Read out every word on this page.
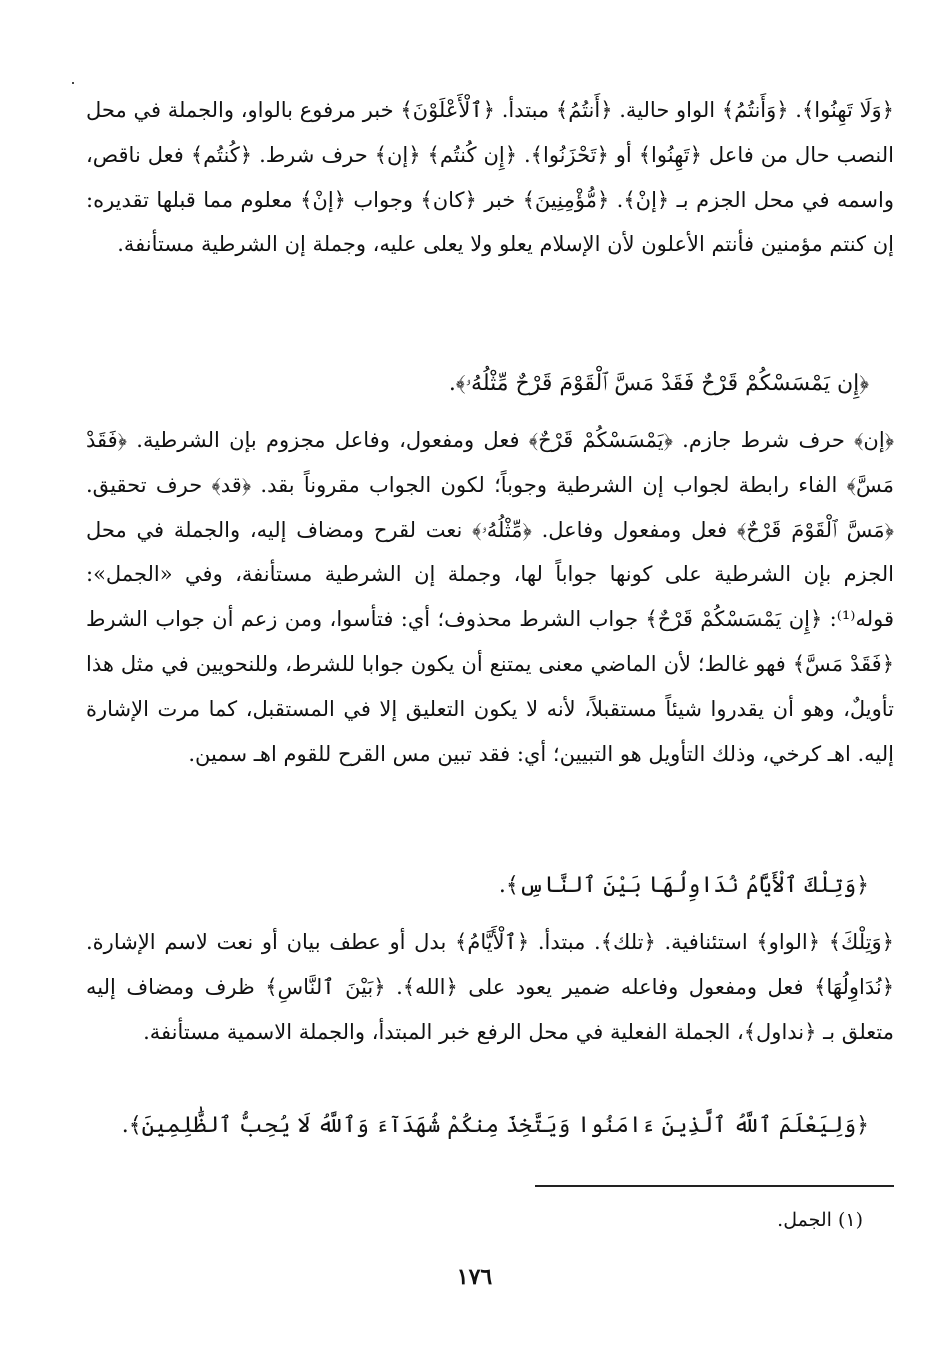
﴿وَلَا تَهِنُوا﴾. ﴿وَأَنتُمُ﴾ الواو حالية. ﴿أَنتُمُ﴾ مبتدأ. ﴿ٱلْأَعْلَوْنَ﴾ خبر مرفوع بالواو، والجملة في محل النصب حال من فاعل ﴿تَهِنُوا﴾ أو ﴿تَحْزَنُوا﴾. ﴿إِن كُنتُم﴾ ﴿إن﴾ حرف شرط. ﴿كُنتُم﴾ فعل ناقص، واسمه في محل الجزم بـ ﴿إنْ﴾. ﴿مُّؤْمِنِينَ﴾ خبر ﴿كان﴾ وجواب ﴿إنْ﴾ معلوم مما قبلها تقديره: إن كنتم مؤمنين فأنتم الأعلون لأن الإسلام يعلو ولا يعلى عليه، وجملة إن الشرطية مستأنفة.

﴿إِن يَمْسَسْكُمْ قَرْحٌ فَقَدْ مَسَّ ٱلْقَوْمَ قَرْحٌ مِّثْلُهُۥ﴾.

﴿إن﴾ حرف شرط جازم. ﴿يَمْسَسْكُمْ قَرْحٌ﴾ فعل ومفعول، وفاعل مجزوم بإن الشرطية. ﴿فَقَدْ مَسَّ﴾ الفاء رابطة لجواب إن الشرطية وجوباً؛ لكون الجواب مقروناً بقد. ﴿قد﴾ حرف تحقيق. ﴿مَسَّ ٱلْقَوْمَ قَرْحٌ﴾ فعل ومفعول وفاعل. ﴿مِّثْلُهُۥ﴾ نعت لقرح ومضاف إليه، والجملة في محل الجزم بإن الشرطية على كونها جواباً لها، وجملة إن الشرطية مستأنفة، وفي «الجمل»: قوله⁽¹⁾: ﴿إِن يَمْسَسْكُمْ قَرْحٌ﴾ جواب الشرط محذوف؛ أي: فتأسوا، ومن زعم أن جواب الشرط ﴿فَقَدْ مَسَّ﴾ فهو غالط؛ لأن الماضي معنى يمتنع أن يكون جوابا للشرط، وللنحويين في مثل هذا تأويلٌ، وهو أن يقدروا شيئاً مستقبلاً، لأنه لا يكون التعليق إلا في المستقبل، كما مرت الإشارة إليه. اهـ كرخي، وذلك التأويل هو التبيين؛ أي: فقد تبين مس القرح للقوم اهـ سمين.

﴿وَتِلْكَ ٱلْأَيَّامُ نُدَاوِلُهَا بَيْنَ ٱلنَّاسِ﴾.

﴿وَتِلْكَ﴾ ﴿الواو﴾ استئنافية. ﴿تلك﴾. مبتدأ. ﴿ٱلْأَيَّامُ﴾ بدل أو عطف بيان أو نعت لاسم الإشارة. ﴿نُدَاوِلُهَا﴾ فعل ومفعول وفاعله ضمير يعود على ﴿الله﴾. ﴿بَيْنَ ٱلنَّاسِ﴾ ظرف ومضاف إليه متعلق بـ ﴿نداول﴾، الجملة الفعلية في محل الرفع خبر المبتدأ، والجملة الاسمية مستأنفة.

﴿وَلِيَعْلَمَ ٱللَّهُ ٱلَّذِينَ ءَامَنُوا وَيَتَّخِذَ مِنكُمْ شُهَدَآءَ وَٱللَّهُ لَا يُحِبُّ ٱلظَّٰلِمِينَ﴾.
(١) الجمل.
١٧٦
